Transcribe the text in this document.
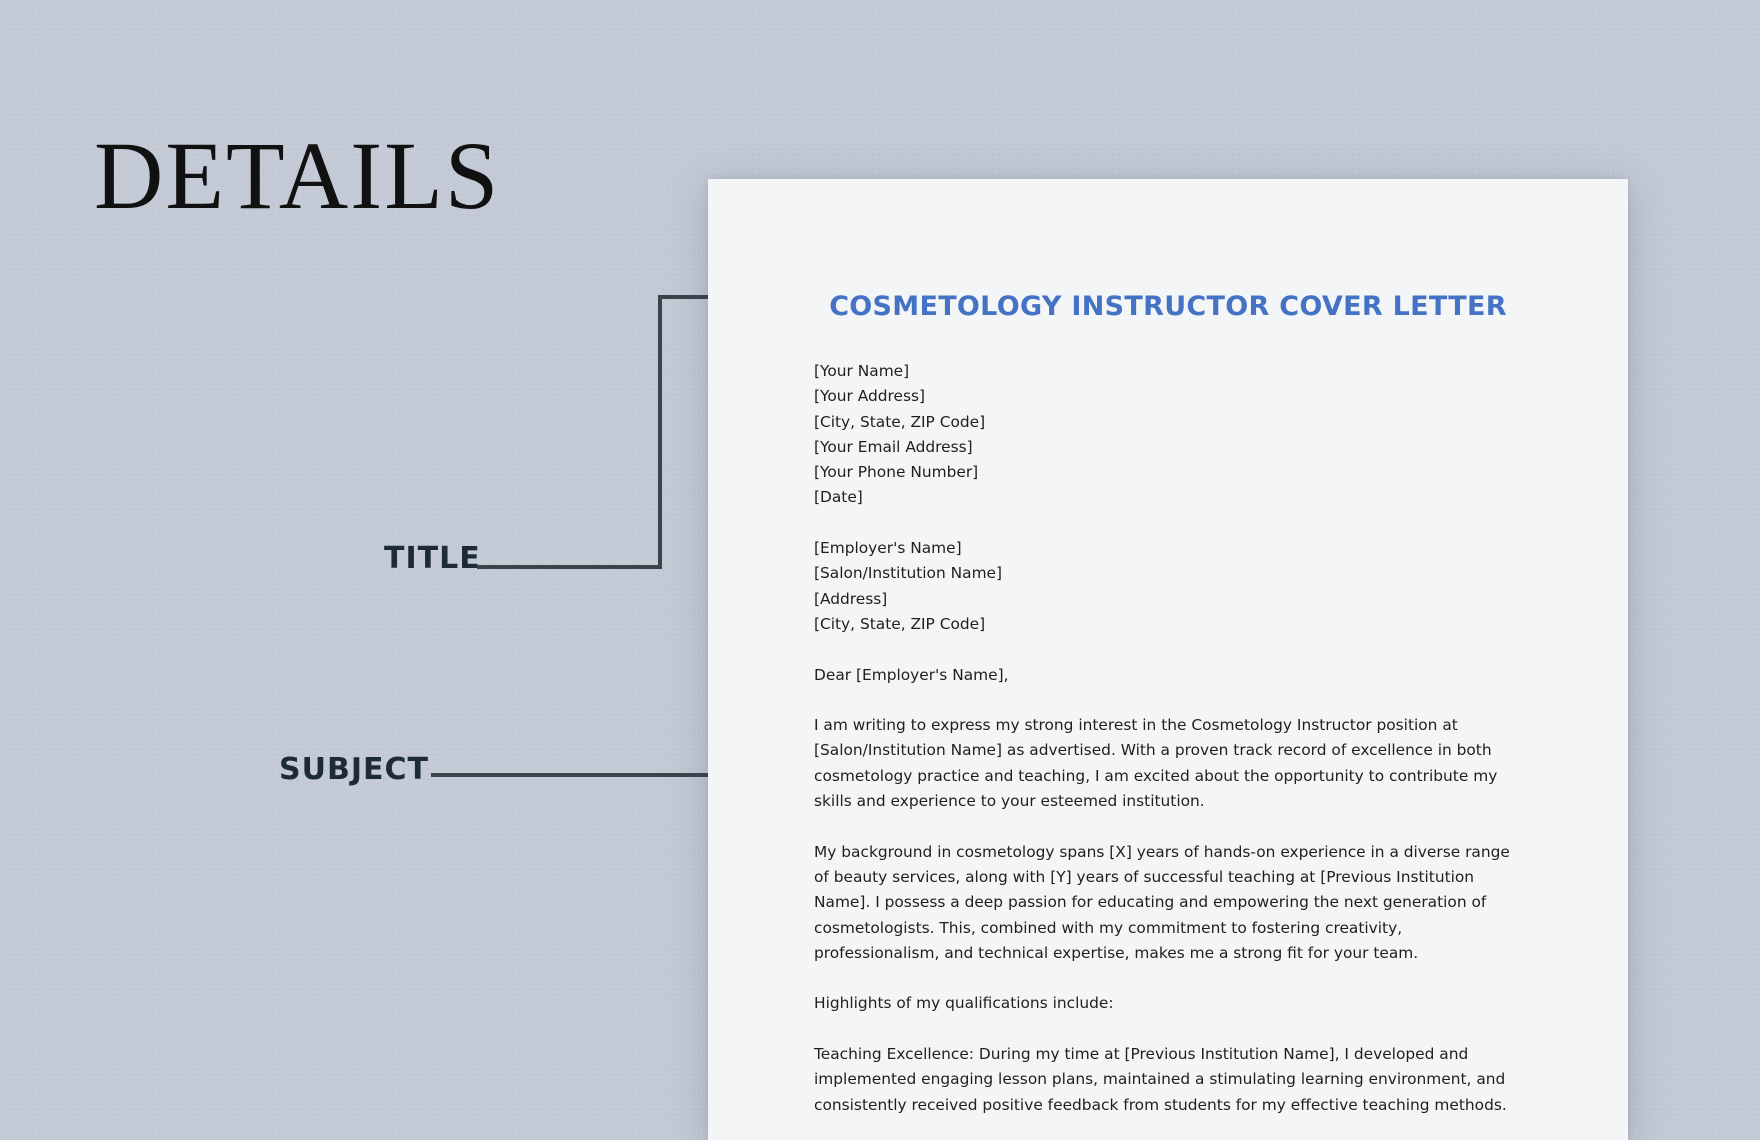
DETAILS
TITLE
SUBJECT
COSMETOLOGY INSTRUCTOR COVER LETTER

[Your Name]
[Your Address]
[City, State, ZIP Code]
[Your Email Address]
[Your Phone Number]
[Date]

[Employer's Name]
[Salon/Institution Name]
[Address]
[City, State, ZIP Code]

Dear [Employer's Name],

I am writing to express my strong interest in the Cosmetology Instructor position at [Salon/Institution Name] as advertised. With a proven track record of excellence in both cosmetology practice and teaching, I am excited about the opportunity to contribute my skills and experience to your esteemed institution.

My background in cosmetology spans [X] years of hands-on experience in a diverse range of beauty services, along with [Y] years of successful teaching at [Previous Institution Name]. I possess a deep passion for educating and empowering the next generation of cosmetologists. This, combined with my commitment to fostering creativity, professionalism, and technical expertise, makes me a strong fit for your team.

Highlights of my qualifications include:

Teaching Excellence: During my time at [Previous Institution Name], I developed and implemented engaging lesson plans, maintained a stimulating learning environment, and consistently received positive feedback from students for my effective teaching methods.
